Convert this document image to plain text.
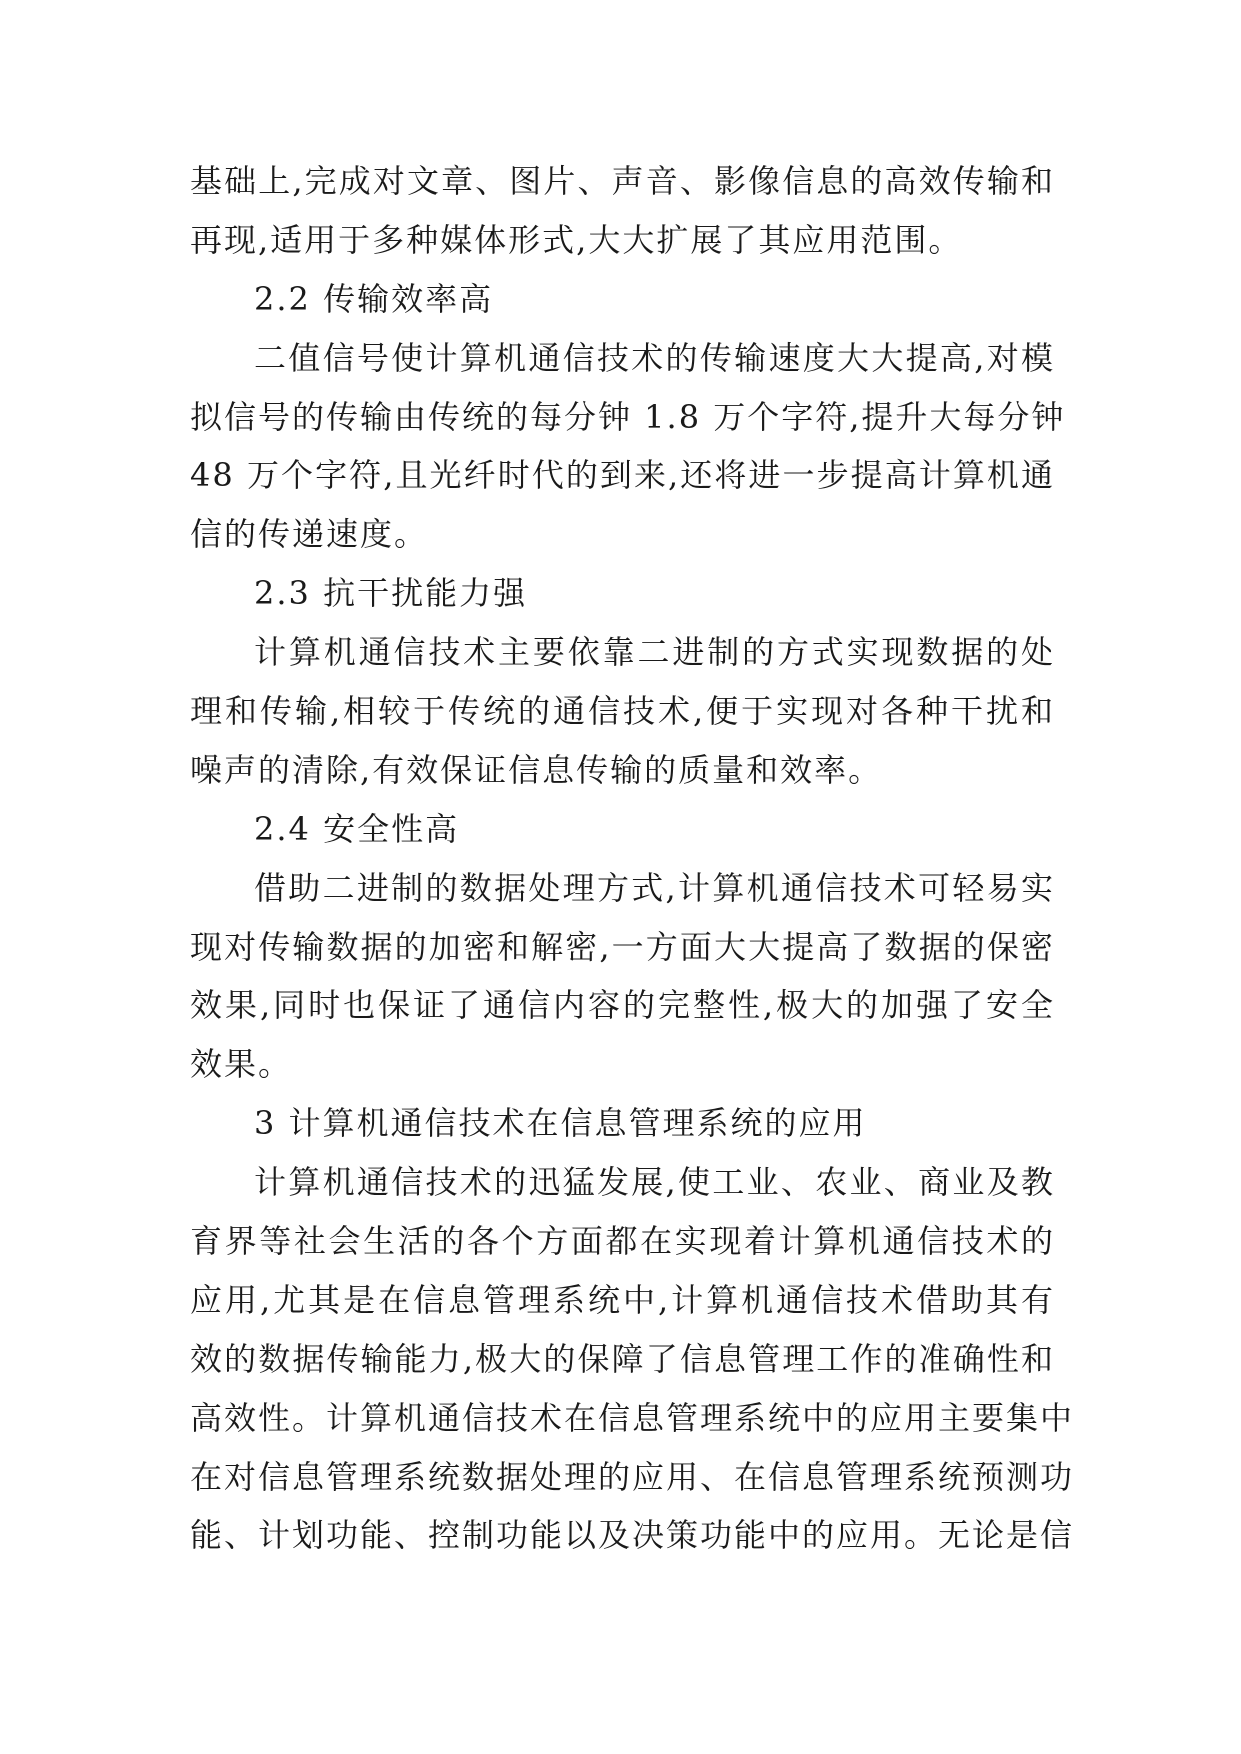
基础上,完成对文章、图片、声音、影像信息的高效传输和
再现,适用于多种媒体形式,大大扩展了其应用范围。
2.2 传输效率高
二值信号使计算机通信技术的传输速度大大提高,对模
拟信号的传输由传统的每分钟 1.8 万个字符,提升大每分钟
48 万个字符,且光纤时代的到来,还将进一步提高计算机通
信的传递速度。
2.3 抗干扰能力强
计算机通信技术主要依靠二进制的方式实现数据的处
理和传输,相较于传统的通信技术,便于实现对各种干扰和
噪声的清除,有效保证信息传输的质量和效率。
2.4 安全性高
借助二进制的数据处理方式,计算机通信技术可轻易实
现对传输数据的加密和解密,一方面大大提高了数据的保密
效果,同时也保证了通信内容的完整性,极大的加强了安全
效果。
3 计算机通信技术在信息管理系统的应用
计算机通信技术的迅猛发展,使工业、农业、商业及教
育界等社会生活的各个方面都在实现着计算机通信技术的
应用,尤其是在信息管理系统中,计算机通信技术借助其有
效的数据传输能力,极大的保障了信息管理工作的准确性和
高效性。计算机通信技术在信息管理系统中的应用主要集中
在对信息管理系统数据处理的应用、在信息管理系统预测功
能、计划功能、控制功能以及决策功能中的应用。无论是信
